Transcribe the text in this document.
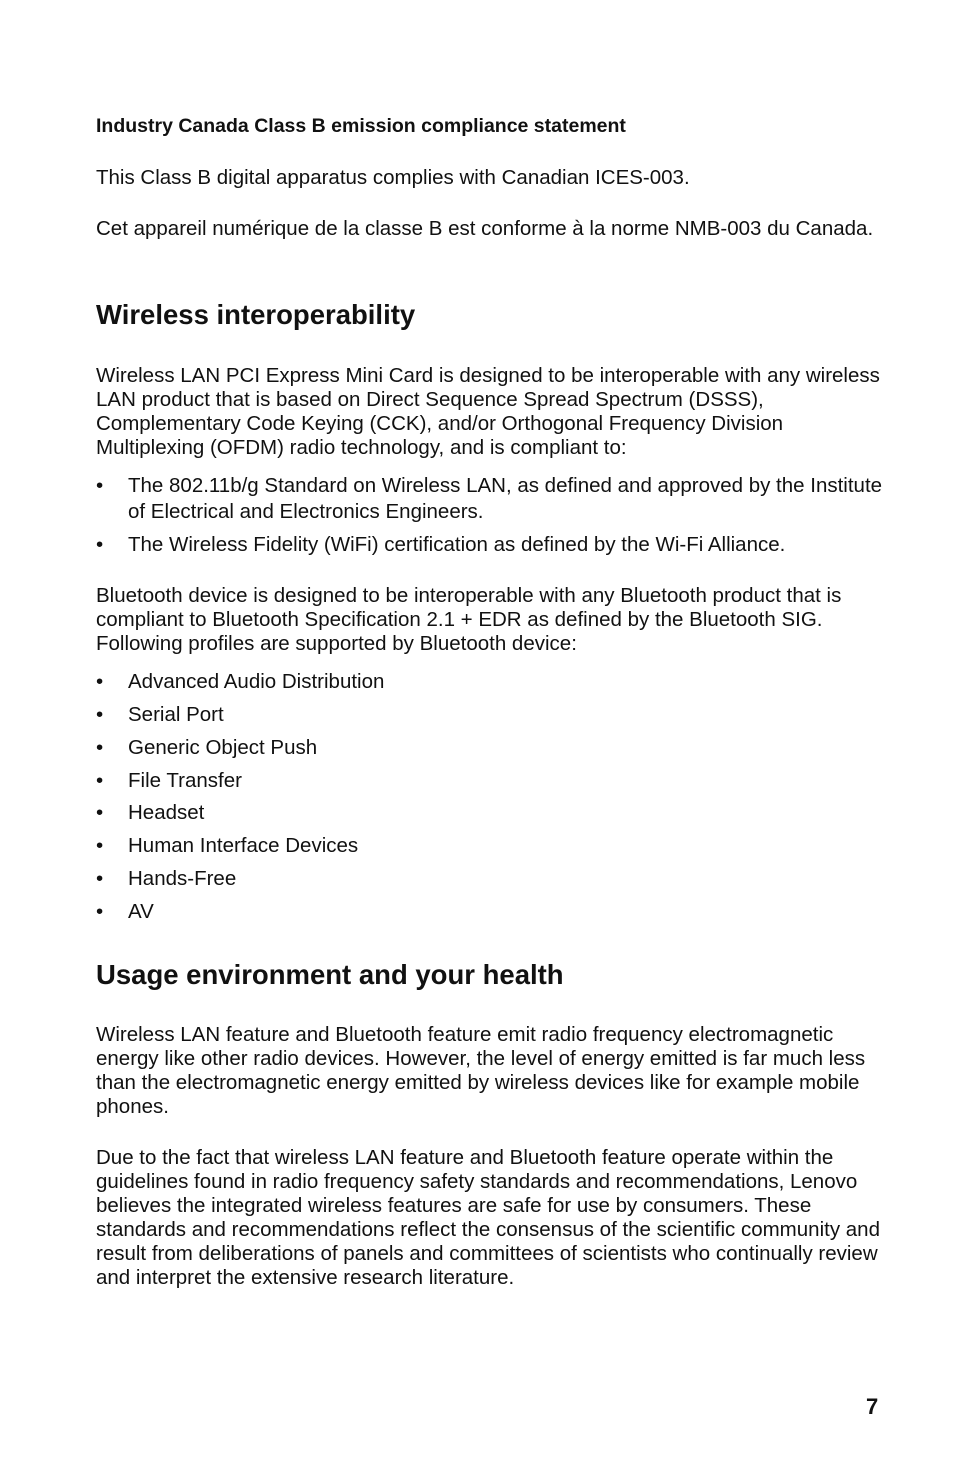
Industry Canada Class B emission compliance statement

This Class B digital apparatus complies with Canadian ICES-003.

Cet appareil numérique de la classe B est conforme à la norme NMB-003 du Canada.

Wireless interoperability

Wireless LAN PCI Express Mini Card is designed to be interoperable with any wireless LAN product that is based on Direct Sequence Spread Spectrum (DSSS), Complementary Code Keying (CCK), and/or Orthogonal Frequency Division Multiplexing (OFDM) radio technology, and is compliant to:

• The 802.11b/g Standard on Wireless LAN, as defined and approved by the Institute of Electrical and Electronics Engineers.
• The Wireless Fidelity (WiFi) certification as defined by the Wi-Fi Alliance.

Bluetooth device is designed to be interoperable with any Bluetooth product that is compliant to Bluetooth Specification 2.1 + EDR as defined by the Bluetooth SIG. Following profiles are supported by Bluetooth device:

• Advanced Audio Distribution
• Serial Port
• Generic Object Push
• File Transfer
• Headset
• Human Interface Devices
• Hands-Free
• AV
Usage environment and your health

Wireless LAN feature and Bluetooth feature emit radio frequency electromagnetic energy like other radio devices. However, the level of energy emitted is far much less than the electromagnetic energy emitted by wireless devices like for example mobile phones.

Due to the fact that wireless LAN feature and Bluetooth feature operate within the guidelines found in radio frequency safety standards and recommendations, Lenovo believes the integrated wireless features are safe for use by consumers. These standards and recommendations reflect the consensus of the scientific community and result from deliberations of panels and committees of scientists who continually review and interpret the extensive research literature.

7
